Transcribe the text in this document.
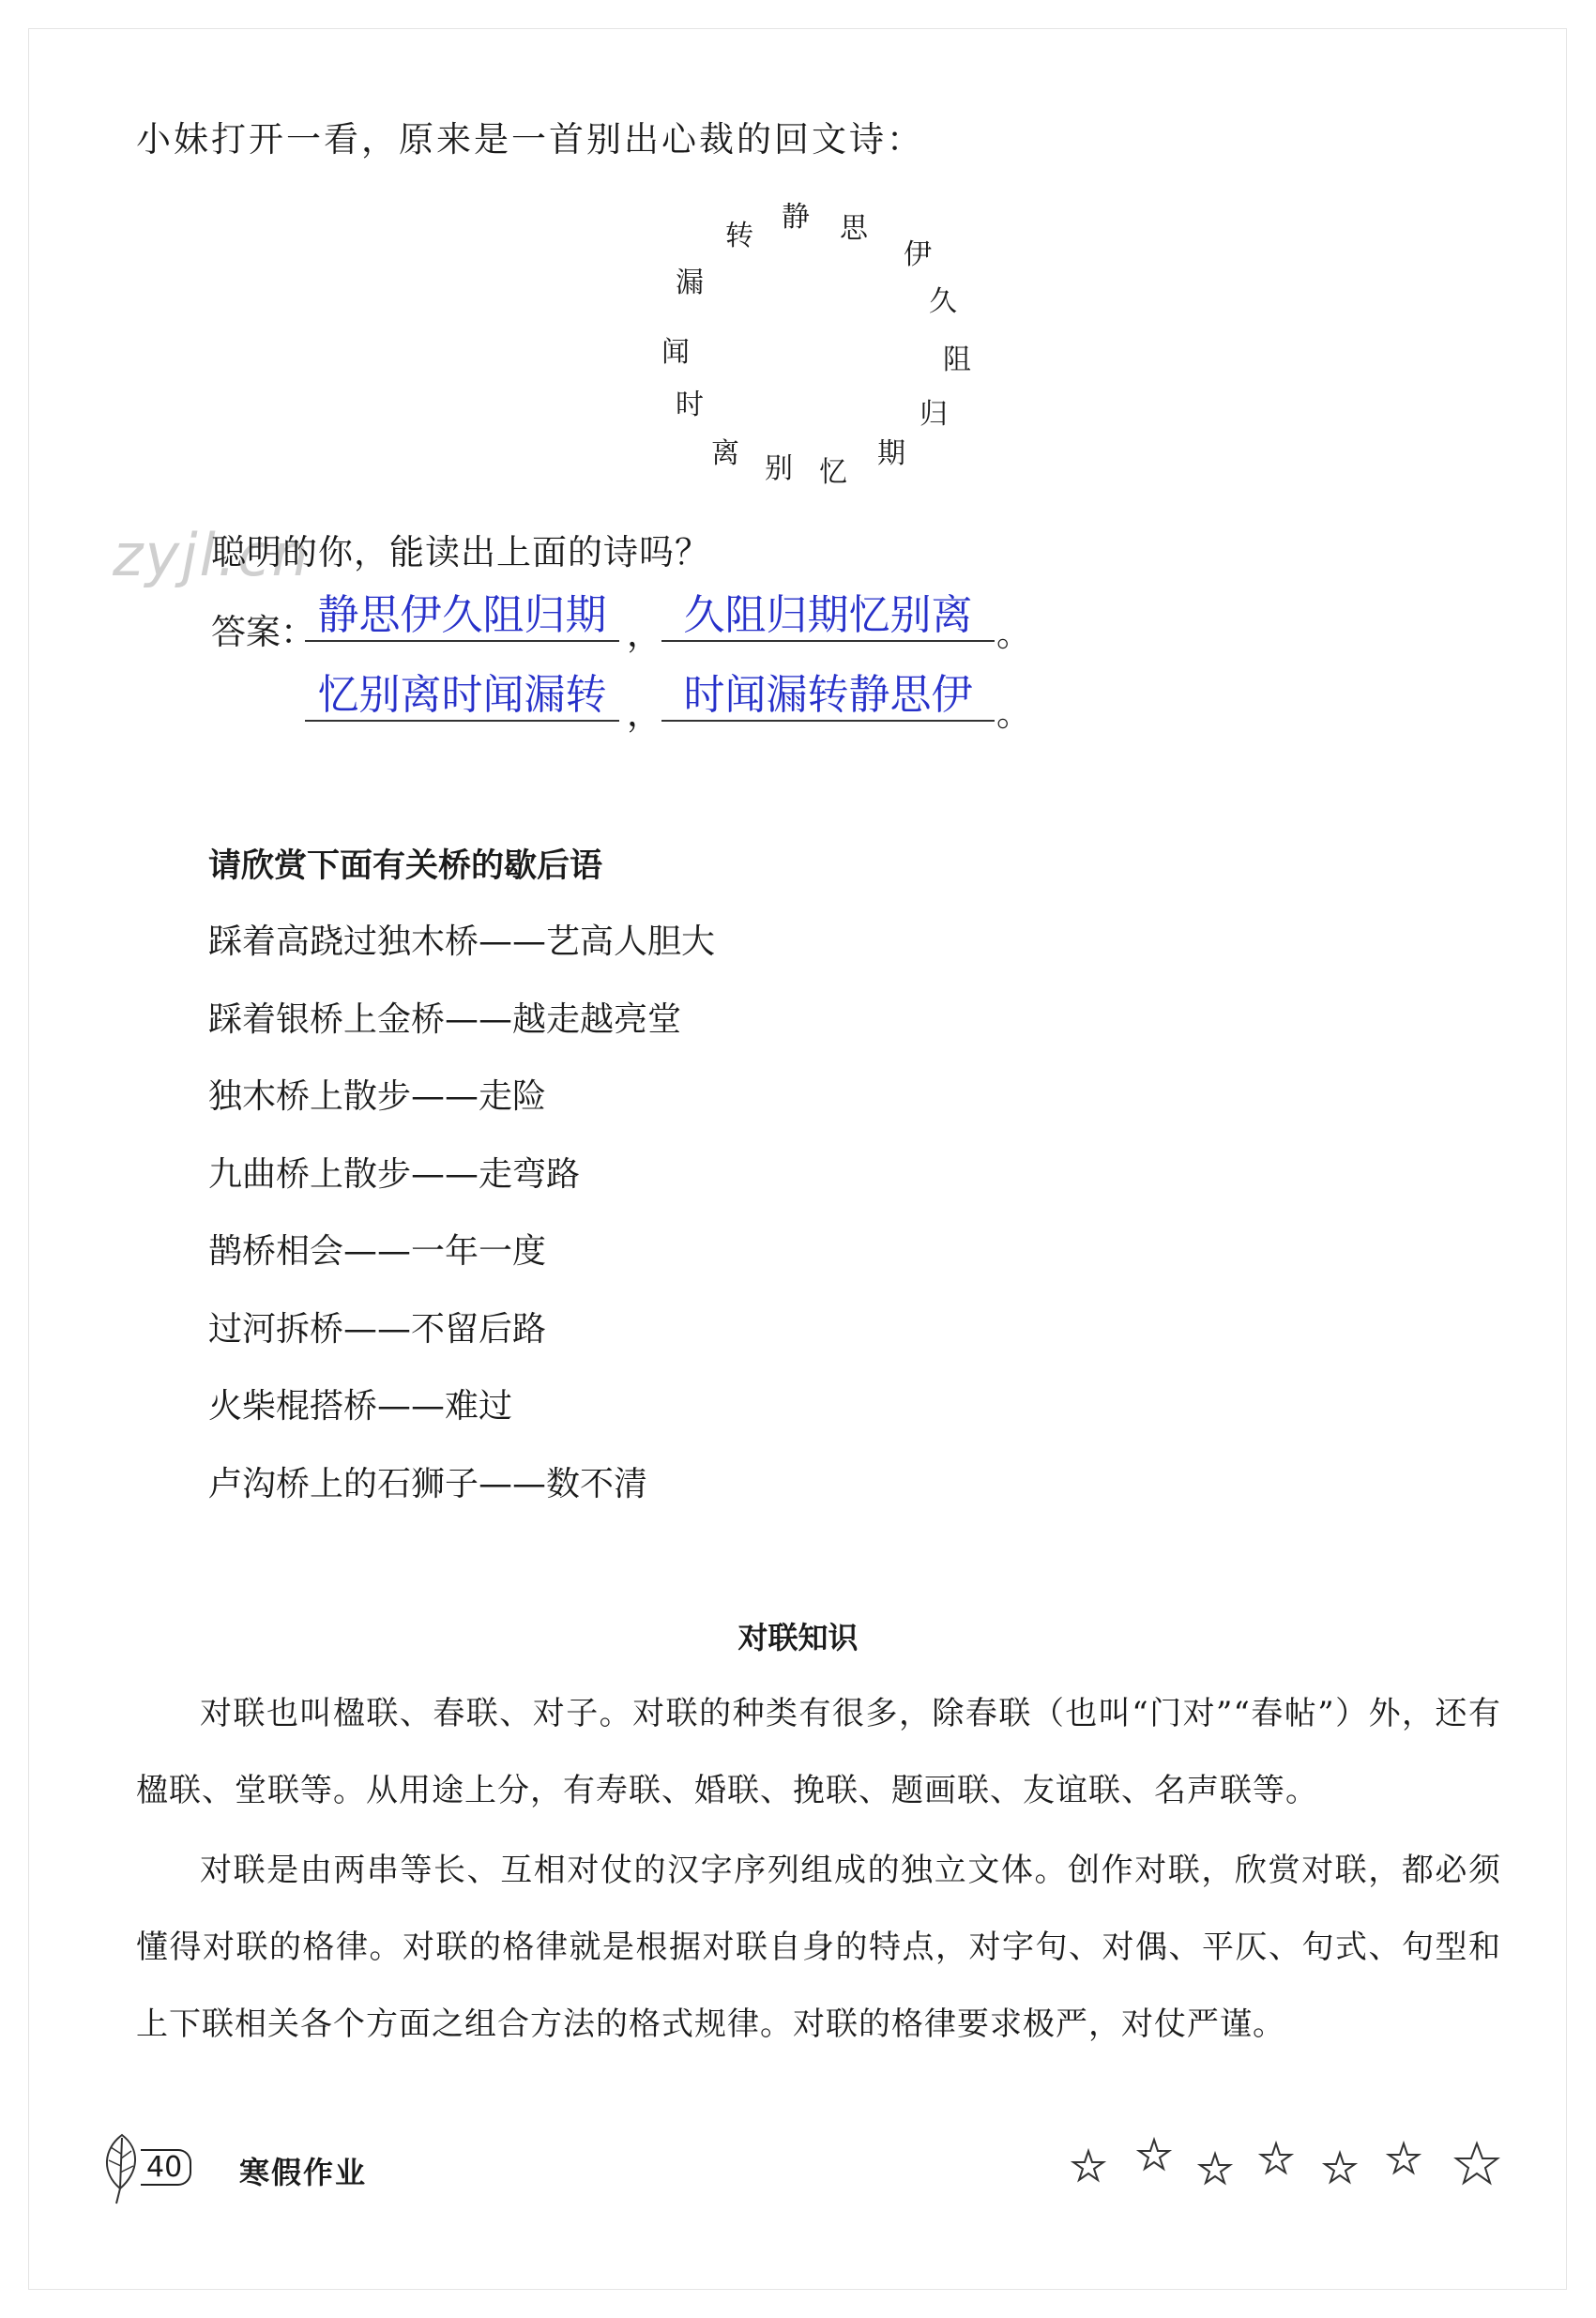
小妹打开一看，原来是一首别出心裁的回文诗：
静 思
伊
久
阻
归
期
忆
别
离
时
闻
漏
转
zyjl.cn
聪明的你，能读出上面的诗吗？
答案： 静思伊久阻归期 ， 久阻归期忆别离 。
忆别离时闻漏转 ， 时闻漏转静思伊 。
请欣赏下面有关桥的歇后语
踩着高跷过独木桥——艺高人胆大
踩着银桥上金桥——越走越亮堂
独木桥上散步——走险
九曲桥上散步——走弯路
鹊桥相会——一年一度
过河拆桥——不留后路
火柴棍搭桥——难过
卢沟桥上的石狮子——数不清
对联知识
对联也叫楹联、春联、对子。对联的种类有很多，除春联（也叫“门对”“春帖”）外，还有楹联、堂联等。从用途上分，有寿联、婚联、挽联、题画联、友谊联、名声联等。
对联是由两串等长、互相对仗的汉字序列组成的独立文体。创作对联，欣赏对联，都必须懂得对联的格律。对联的格律就是根据对联自身的特点，对字句、对偶、平仄、句式、句型和上下联相关各个方面之组合方法的格式规律。对联的格律要求极严，对仗严谨。
40	寒假作业
